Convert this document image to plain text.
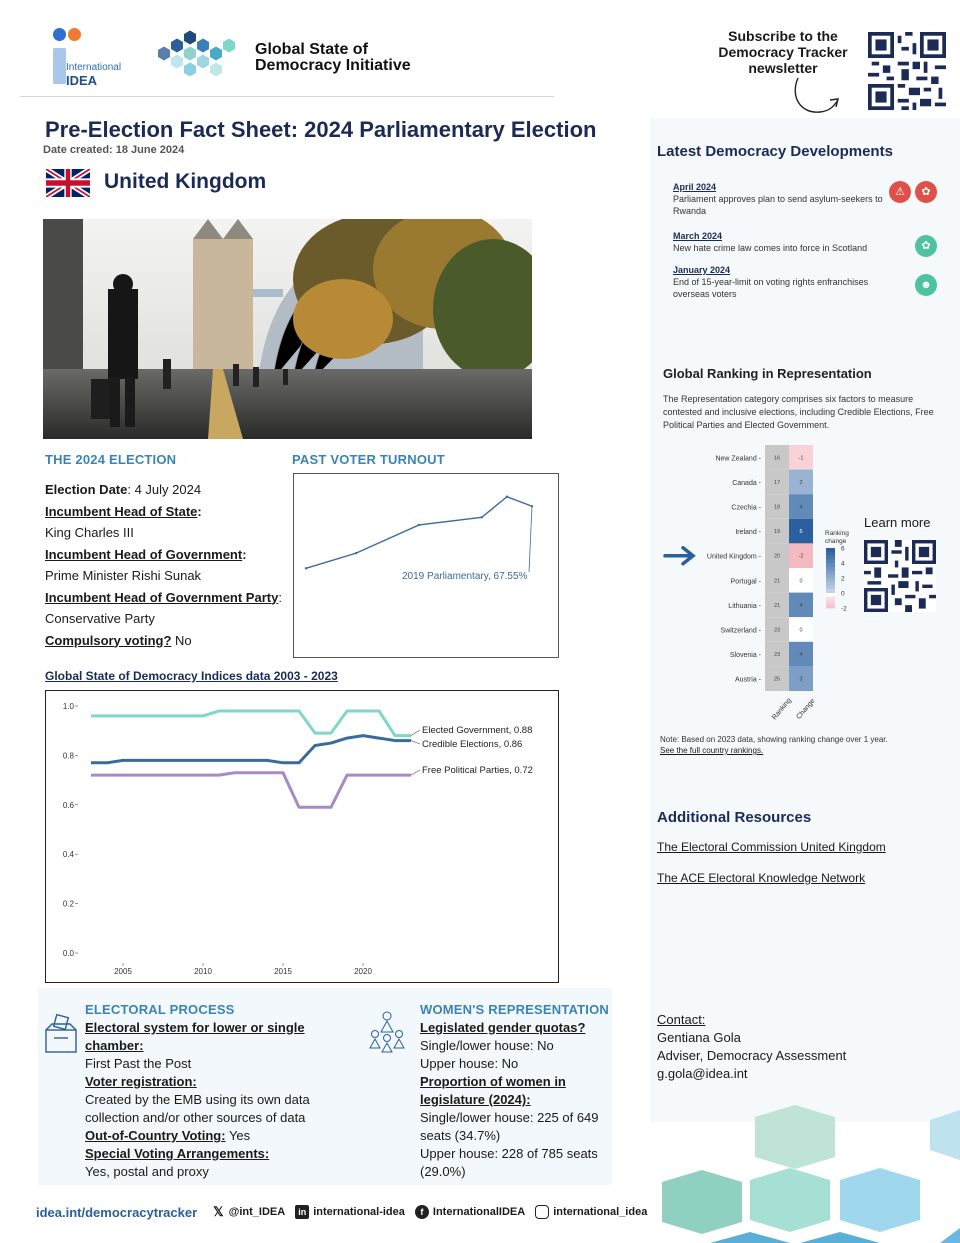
International
IDEA
Global State of
Democracy Initiative
Subscribe to the Democracy Tracker newsletter
Pre-Election Fact Sheet: 2024 Parliamentary Election
Date created: 18 June 2024
United Kingdom
THE 2024 ELECTION
Election Date: 4 July 2024
Incumbent Head of State:
King Charles III
Incumbent Head of Government:
Prime Minister Rishi Sunak
Incumbent Head of Government Party:
Conservative Party
Compulsory voting? No
PAST VOTER TURNOUT
2019 Parliamentary, 67.55%
Global State of Democracy Indices data 2003 - 2023
0.0
0.2
0.4
0.6
0.8
1.0
2005	2010	2015	2020
Elected Government, 0.88
Credible Elections, 0.86
Free Political Parties, 0.72
ELECTORAL PROCESS
Electoral system for lower or single chamber:
First Past the Post
Voter registration:
Created by the EMB using its own data collection and/or other sources of data
Out-of-Country Voting: Yes
Special Voting Arrangements:
Yes, postal and proxy
WOMEN'S REPRESENTATION
Legislated gender quotas?
Single/lower house: No
Upper house: No
Proportion of women in legislature (2024):
Single/lower house: 225 of 649 seats (34.7%)
Upper house: 228 of 785 seats (29.0%)
idea.int/democracytracker 𝕏 @int_IDEA	in international-idea	f InternationalIDEA	international_idea
Latest Democracy Developments
April 2024
Parliament approves plan to send asylum-seekers to Rwanda
⚠	✿
March 2024
New hate crime law comes into force in Scotland	✿
January 2024
End of 15-year-limit on voting rights enfranchises overseas voters
☻
Global Ranking in Representation
The Representation category comprises six factors to measure contested and inclusive elections, including Credible Elections, Free Political Parties and Elected Government.
New Zealand - 16	-1
Canada - 17	2
Czechia - 18	4
Ireland - 19	6
United Kingdom - 20	-2
Portugal - 21	0
Lithuania - 21	4
Switzerland - 23	0
Slovenia - 23	4
Austria - 25	3
Ranking Change
Ranking
change
6
4
2
0
-2
Learn more
Note: Based on 2023 data, showing ranking change over 1 year.
See the full country rankings.
Additional Resources
The Electoral Commission United Kingdom
The ACE Electoral Knowledge Network
Contact:
Gentiana Gola
Adviser, Democracy Assessment
g.gola@idea.int
